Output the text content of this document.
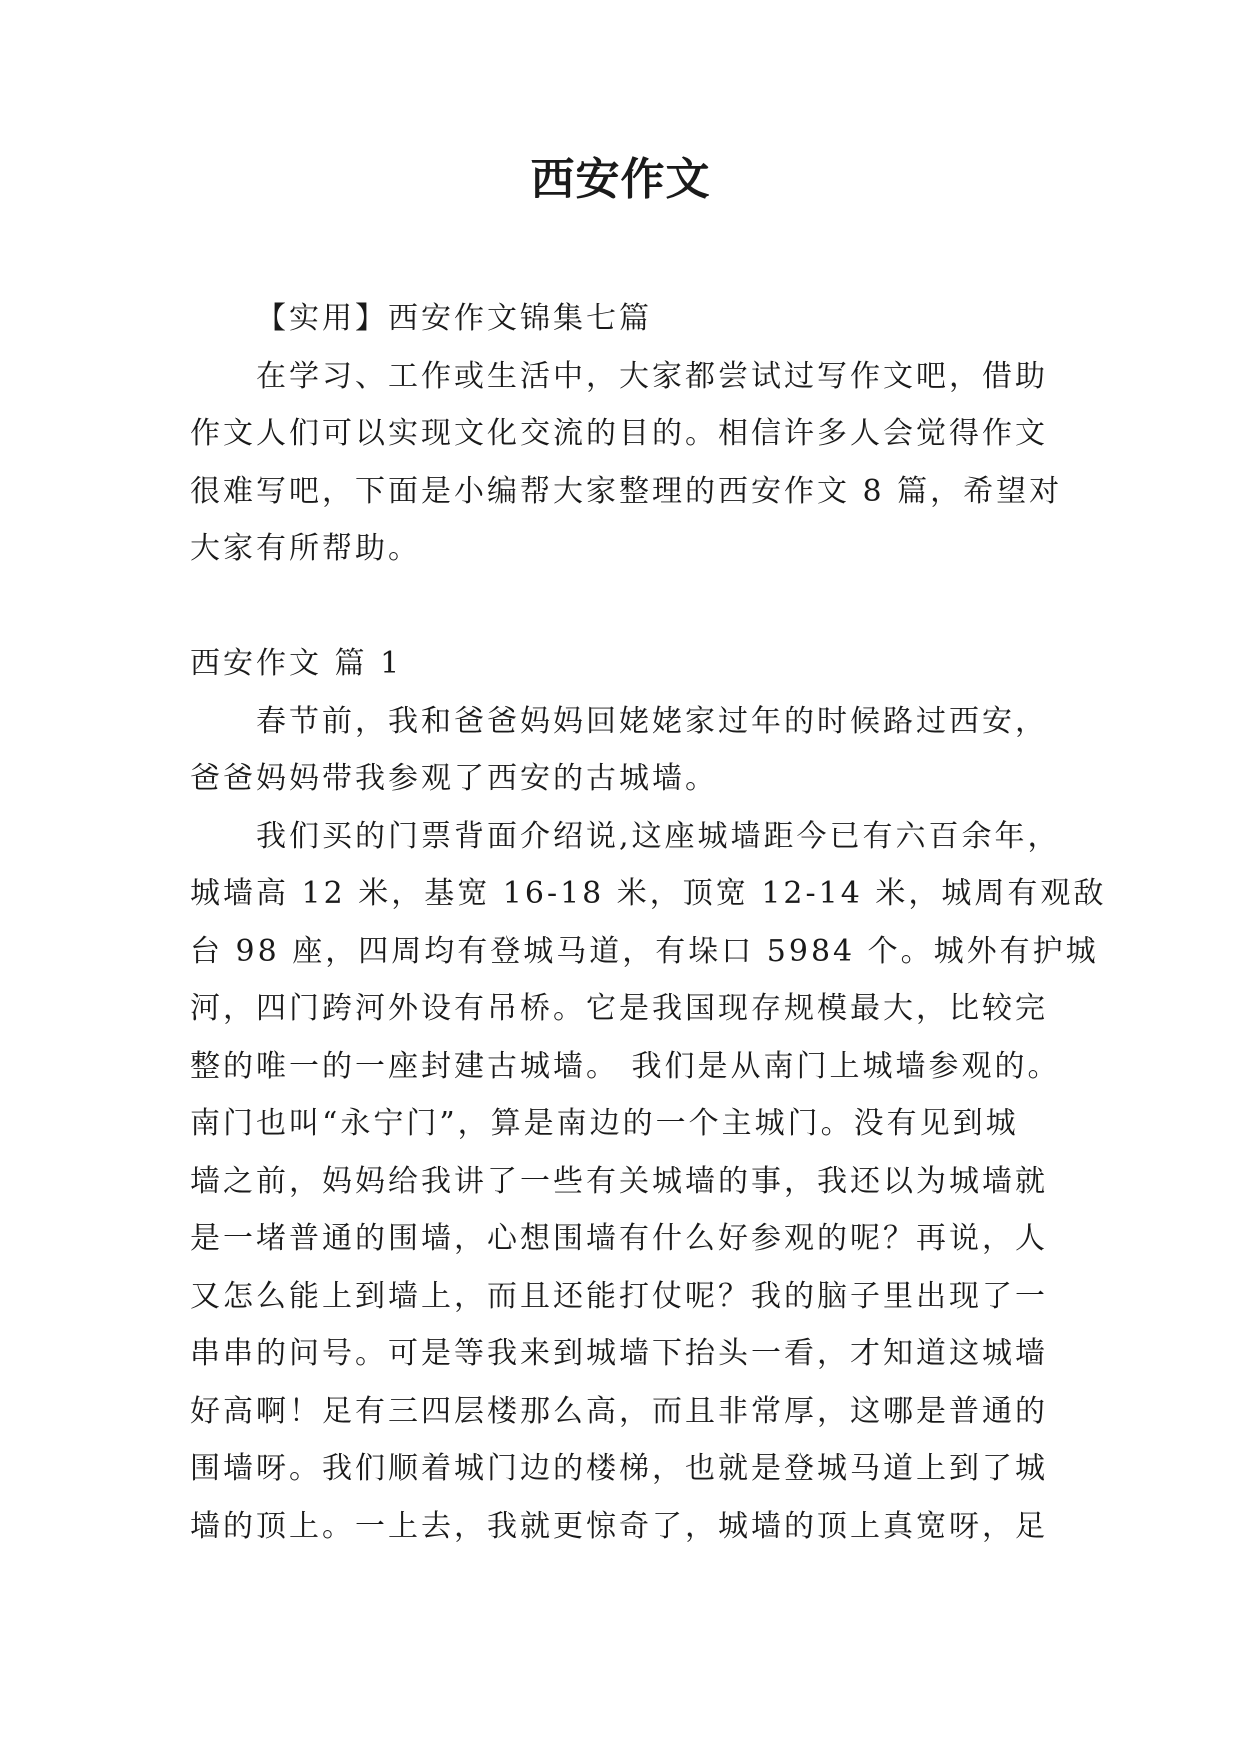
西安作文
【实用】西安作文锦集七篇
在学习、工作或生活中，大家都尝试过写作文吧，借助
作文人们可以实现文化交流的目的。相信许多人会觉得作文
很难写吧，下面是小编帮大家整理的西安作文 8 篇，希望对
大家有所帮助。
西安作文 篇 1
春节前，我和爸爸妈妈回姥姥家过年的时候路过西安，
爸爸妈妈带我参观了西安的古城墙。
我们买的门票背面介绍说,这座城墙距今已有六百余年，
城墙高 12 米，基宽 16-18 米，顶宽 12-14 米，城周有观敌
台 98 座，四周均有登城马道，有垛口 5984 个。城外有护城
河，四门跨河外设有吊桥。它是我国现存规模最大，比较完
整的唯一的一座封建古城墙。 我们是从南门上城墙参观的。
南门也叫“永宁门”，算是南边的一个主城门。没有见到城
墙之前，妈妈给我讲了一些有关城墙的事，我还以为城墙就
是一堵普通的围墙，心想围墙有什么好参观的呢？再说，人
又怎么能上到墙上，而且还能打仗呢？我的脑子里出现了一
串串的问号。可是等我来到城墙下抬头一看，才知道这城墙
好高啊！足有三四层楼那么高，而且非常厚，这哪是普通的
围墙呀。我们顺着城门边的楼梯，也就是登城马道上到了城
墙的顶上。一上去，我就更惊奇了，城墙的顶上真宽呀，足
